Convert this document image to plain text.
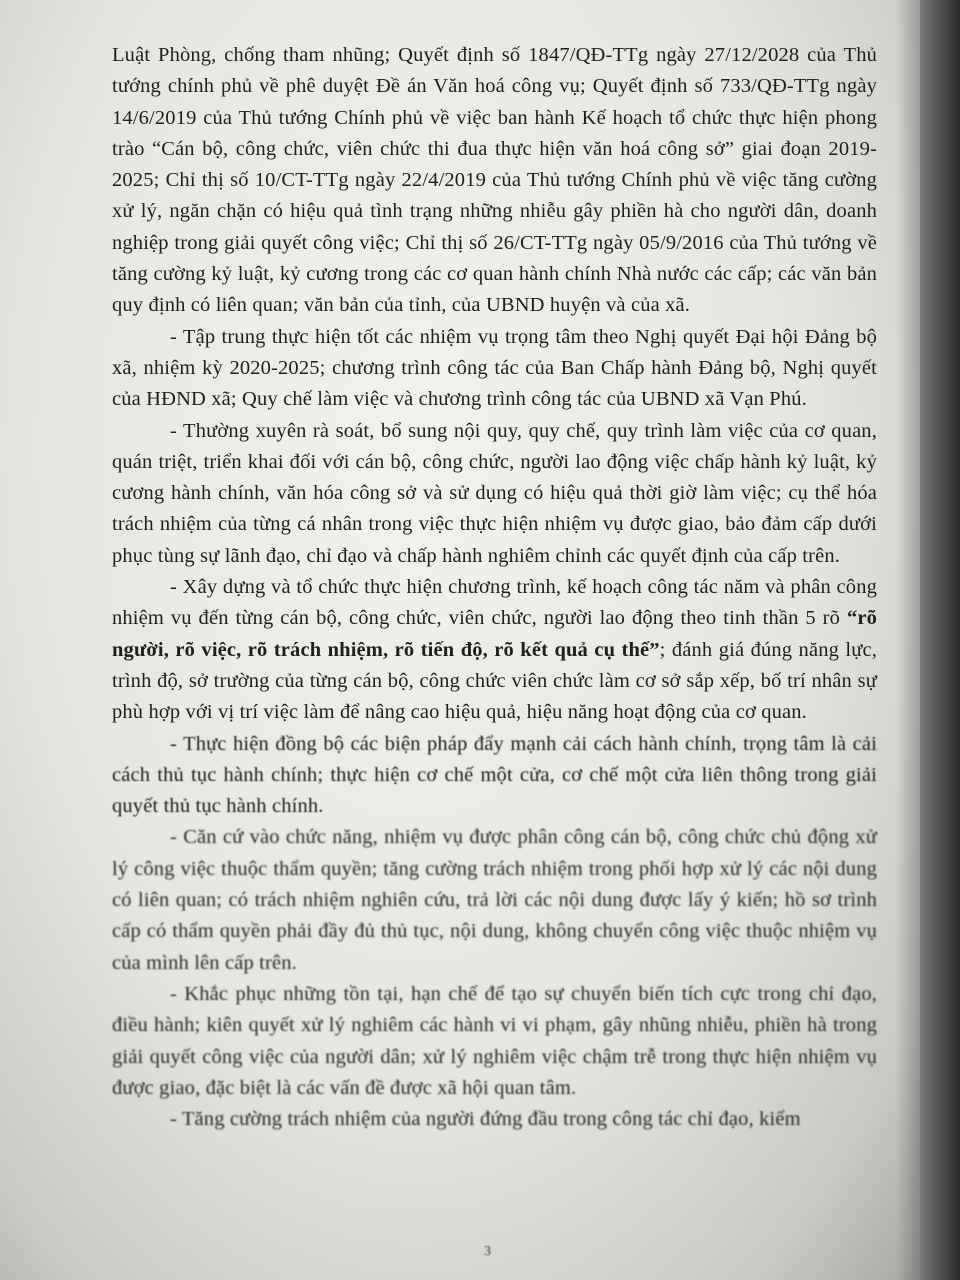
Luật Phòng, chống tham nhũng; Quyết định số 1847/QĐ-TTg ngày 27/12/2028 của Thủ tướng chính phủ về phê duyệt Đề án Văn hoá công vụ; Quyết định số 733/QĐ-TTg ngày 14/6/2019 của Thủ tướng Chính phủ về việc ban hành Kế hoạch tổ chức thực hiện phong trào “Cán bộ, công chức, viên chức thi đua thực hiện văn hoá công sở” giai đoạn 2019-2025; Chỉ thị số 10/CT-TTg ngày 22/4/2019 của Thủ tướng Chính phủ về việc tăng cường xử lý, ngăn chặn có hiệu quả tình trạng những nhiễu gây phiền hà cho người dân, doanh nghiệp trong giải quyết công việc; Chỉ thị số 26/CT-TTg ngày 05/9/2016 của Thủ tướng về tăng cường kỷ luật, kỷ cương trong các cơ quan hành chính Nhà nước các cấp; các văn bản quy định có liên quan; văn bản của tỉnh, của UBND huyện và của xã.

- Tập trung thực hiện tốt các nhiệm vụ trọng tâm theo Nghị quyết Đại hội Đảng bộ xã, nhiệm kỳ 2020-2025; chương trình công tác của Ban Chấp hành Đảng bộ, Nghị quyết của HĐND xã; Quy chế làm việc và chương trình công tác của UBND xã Vạn Phú.

- Thường xuyên rà soát, bổ sung nội quy, quy chế, quy trình làm việc của cơ quan, quán triệt, triển khai đối với cán bộ, công chức, người lao động việc chấp hành kỷ luật, kỷ cương hành chính, văn hóa công sở và sử dụng có hiệu quả thời giờ làm việc; cụ thể hóa trách nhiệm của từng cá nhân trong việc thực hiện nhiệm vụ được giao, bảo đảm cấp dưới phục tùng sự lãnh đạo, chỉ đạo và chấp hành nghiêm chỉnh các quyết định của cấp trên.

- Xây dựng và tổ chức thực hiện chương trình, kế hoạch công tác năm và phân công nhiệm vụ đến từng cán bộ, công chức, viên chức, người lao động theo tinh thần 5 rõ “rõ người, rõ việc, rõ trách nhiệm, rõ tiến độ, rõ kết quả cụ thể”; đánh giá đúng năng lực, trình độ, sở trường của từng cán bộ, công chức viên chức làm cơ sở sắp xếp, bố trí nhân sự phù hợp với vị trí việc làm để nâng cao hiệu quả, hiệu năng hoạt động của cơ quan.

- Thực hiện đồng bộ các biện pháp đẩy mạnh cải cách hành chính, trọng tâm là cải cách thủ tục hành chính; thực hiện cơ chế một cửa, cơ chế một cửa liên thông trong giải quyết thủ tục hành chính.

- Căn cứ vào chức năng, nhiệm vụ được phân công cán bộ, công chức chủ động xử lý công việc thuộc thẩm quyền; tăng cường trách nhiệm trong phối hợp xử lý các nội dung có liên quan; có trách nhiệm nghiên cứu, trả lời các nội dung được lấy ý kiến; hồ sơ trình cấp có thẩm quyền phải đầy đủ thủ tục, nội dung, không chuyển công việc thuộc nhiệm vụ của mình lên cấp trên.

- Khắc phục những tồn tại, hạn chế để tạo sự chuyển biến tích cực trong chỉ đạo, điều hành; kiên quyết xử lý nghiêm các hành vi vi phạm, gây nhũng nhiễu, phiền hà trong giải quyết công việc của người dân; xử lý nghiêm việc chậm trễ trong thực hiện nhiệm vụ được giao, đặc biệt là các vấn đề được xã hội quan tâm.

- Tăng cường trách nhiệm của người đứng đầu trong công tác chỉ đạo, kiểm

3
